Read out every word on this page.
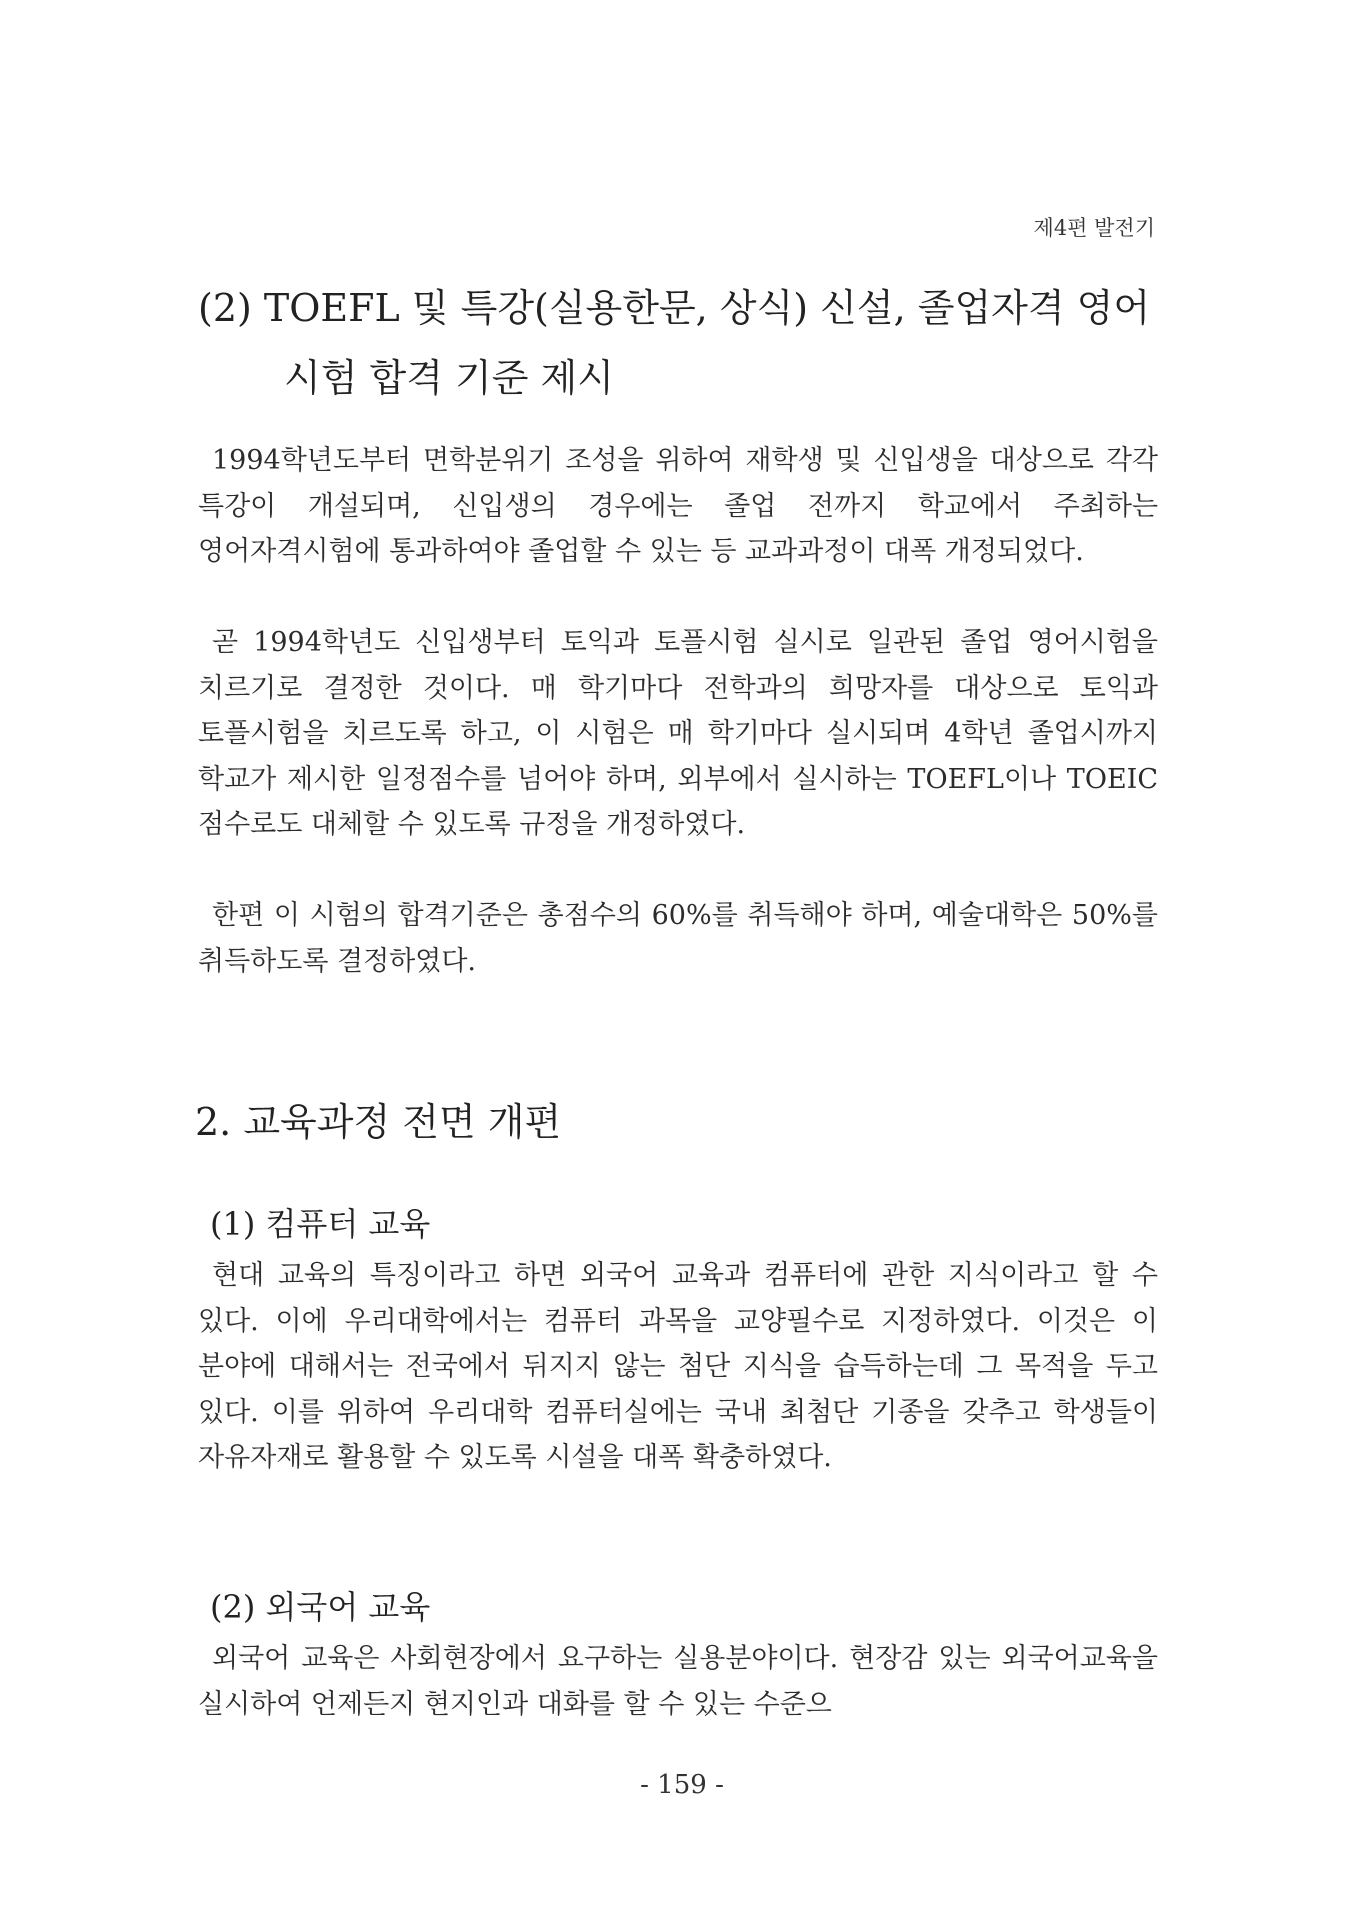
제4편 발전기
(2) TOEFL 및 특강(실용한문, 상식) 신설, 졸업자격 영어
시험 합격 기준 제시

1994학년도부터 면학분위기 조성을 위하여 재학생 및 신입생을 대상으로 각각 특강이 개설되며, 신입생의 경우에는 졸업 전까지 학교에서 주최하는 영어자격시험에 통과하여야 졸업할 수 있는 등 교과과정이 대폭 개정되었다.

곧 1994학년도 신입생부터 토익과 토플시험 실시로 일관된 졸업 영어시험을 치르기로 결정한 것이다. 매 학기마다 전학과의 희망자를 대상으로 토익과 토플시험을 치르도록 하고, 이 시험은 매 학기마다 실시되며 4학년 졸업시까지 학교가 제시한 일정점수를 넘어야 하며, 외부에서 실시하는 TOEFL이나 TOEIC 점수로도 대체할 수 있도록 규정을 개정하였다.

한편 이 시험의 합격기준은 총점수의 60%를 취득해야 하며, 예술대학은 50%를 취득하도록 결정하였다.

2. 교육과정 전면 개편
(1) 컴퓨터 교육

현대 교육의 특징이라고 하면 외국어 교육과 컴퓨터에 관한 지식이라고 할 수 있다. 이에 우리대학에서는 컴퓨터 과목을 교양필수로 지정하였다. 이것은 이 분야에 대해서는 전국에서 뒤지지 않는 첨단 지식을 습득하는데 그 목적을 두고 있다. 이를 위하여 우리대학 컴퓨터실에는 국내 최첨단 기종을 갖추고 학생들이 자유자재로 활용할 수 있도록 시설을 대폭 확충하였다.

(2) 외국어 교육

외국어 교육은 사회현장에서 요구하는 실용분야이다. 현장감 있는 외국어교육을 실시하여 언제든지 현지인과 대화를 할 수 있는 수준으

- 159 -
